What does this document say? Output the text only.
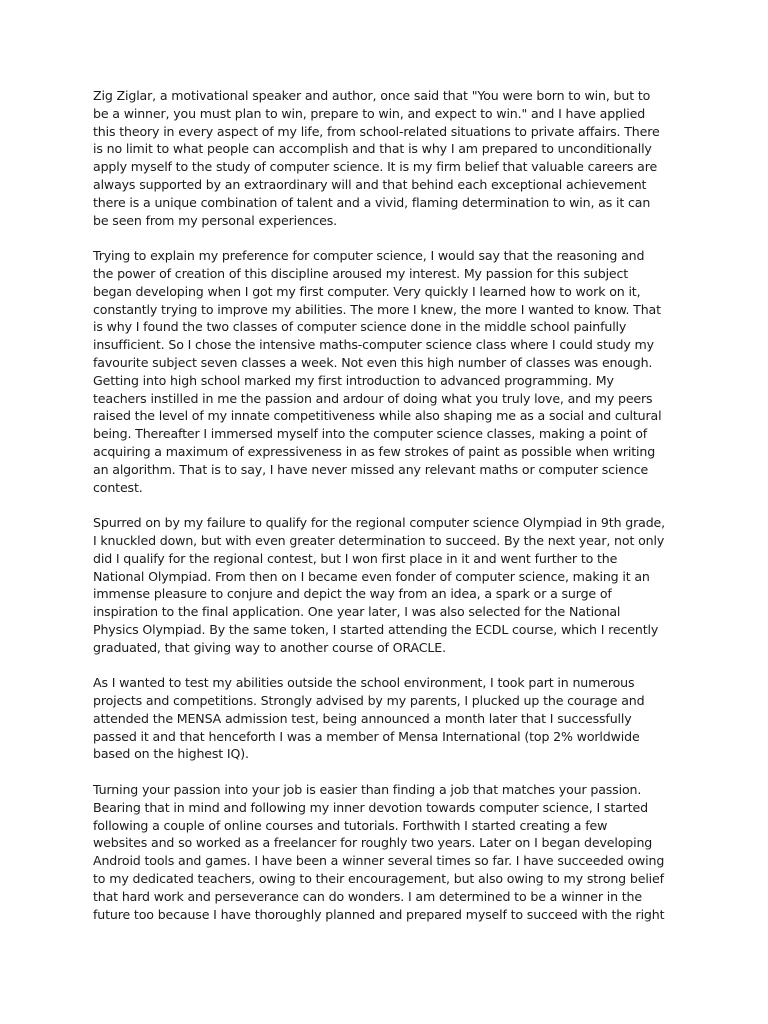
Zig Ziglar, a motivational speaker and author, once said that "You were born to win, but to
be a winner, you must plan to win, prepare to win, and expect to win." and I have applied
this theory in every aspect of my life, from school-related situations to private affairs. There
is no limit to what people can accomplish and that is why I am prepared to unconditionally
apply myself to the study of computer science. It is my firm belief that valuable careers are
always supported by an extraordinary will and that behind each exceptional achievement
there is a unique combination of talent and a vivid, flaming determination to win, as it can
be seen from my personal experiences.

Trying to explain my preference for computer science, I would say that the reasoning and
the power of creation of this discipline aroused my interest. My passion for this subject
began developing when I got my first computer. Very quickly I learned how to work on it,
constantly trying to improve my abilities. The more I knew, the more I wanted to know. That
is why I found the two classes of computer science done in the middle school painfully
insufficient. So I chose the intensive maths-computer science class where I could study my
favourite subject seven classes a week. Not even this high number of classes was enough.
Getting into high school marked my first introduction to advanced programming. My
teachers instilled in me the passion and ardour of doing what you truly love, and my peers
raised the level of my innate competitiveness while also shaping me as a social and cultural
being. Thereafter I immersed myself into the computer science classes, making a point of
acquiring a maximum of expressiveness in as few strokes of paint as possible when writing
an algorithm. That is to say, I have never missed any relevant maths or computer science
contest.

Spurred on by my failure to qualify for the regional computer science Olympiad in 9th grade,
I knuckled down, but with even greater determination to succeed. By the next year, not only
did I qualify for the regional contest, but I won first place in it and went further to the
National Olympiad. From then on I became even fonder of computer science, making it an
immense pleasure to conjure and depict the way from an idea, a spark or a surge of
inspiration to the final application. One year later, I was also selected for the National
Physics Olympiad. By the same token, I started attending the ECDL course, which I recently
graduated, that giving way to another course of ORACLE.

As I wanted to test my abilities outside the school environment, I took part in numerous
projects and competitions. Strongly advised by my parents, I plucked up the courage and
attended the MENSA admission test, being announced a month later that I successfully
passed it and that henceforth I was a member of Mensa International (top 2% worldwide
based on the highest IQ).

Turning your passion into your job is easier than finding a job that matches your passion.
Bearing that in mind and following my inner devotion towards computer science, I started
following a couple of online courses and tutorials. Forthwith I started creating a few
websites and so worked as a freelancer for roughly two years. Later on I began developing
Android tools and games. I have been a winner several times so far. I have succeeded owing
to my dedicated teachers, owing to their encouragement, but also owing to my strong belief
that hard work and perseverance can do wonders. I am determined to be a winner in the
future too because I have thoroughly planned and prepared myself to succeed with the right
